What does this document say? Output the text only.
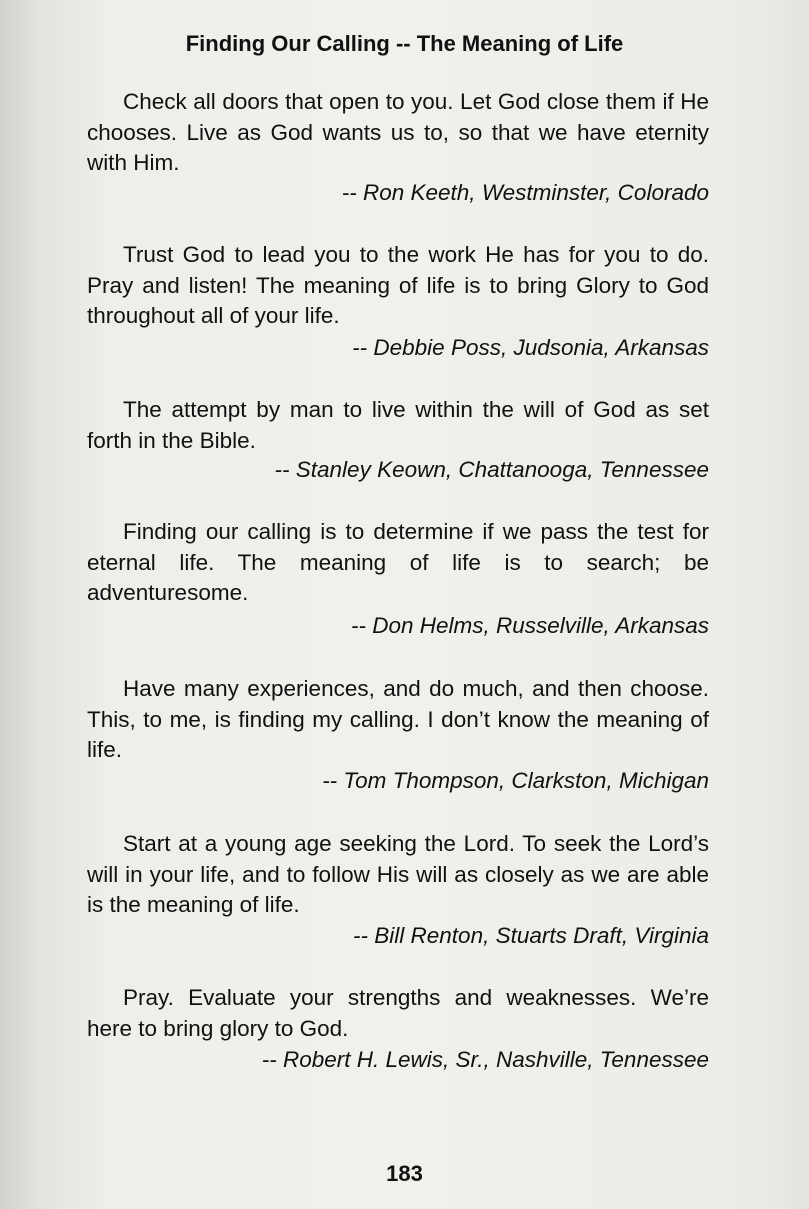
Finding Our Calling -- The Meaning of Life
Check all doors that open to you. Let God close them if He chooses. Live as God wants us to, so that we have eternity with Him.
-- Ron Keeth, Westminster, Colorado
Trust God to lead you to the work He has for you to do. Pray and listen! The meaning of life is to bring Glory to God throughout all of your life.
-- Debbie Poss, Judsonia, Arkansas
The attempt by man to live within the will of God as set forth in the Bible.
-- Stanley Keown, Chattanooga, Tennessee
Finding our calling is to determine if we pass the test for eternal life. The meaning of life is to search; be adventuresome.
-- Don Helms, Russelville, Arkansas
Have many experiences, and do much, and then choose. This, to me, is finding my calling. I don’t know the meaning of life.
-- Tom Thompson, Clarkston, Michigan
Start at a young age seeking the Lord. To seek the Lord’s will in your life, and to follow His will as closely as we are able is the meaning of life.
-- Bill Renton, Stuarts Draft, Virginia
Pray. Evaluate your strengths and weaknesses. We’re here to bring glory to God.
-- Robert H. Lewis, Sr., Nashville, Tennessee
183
